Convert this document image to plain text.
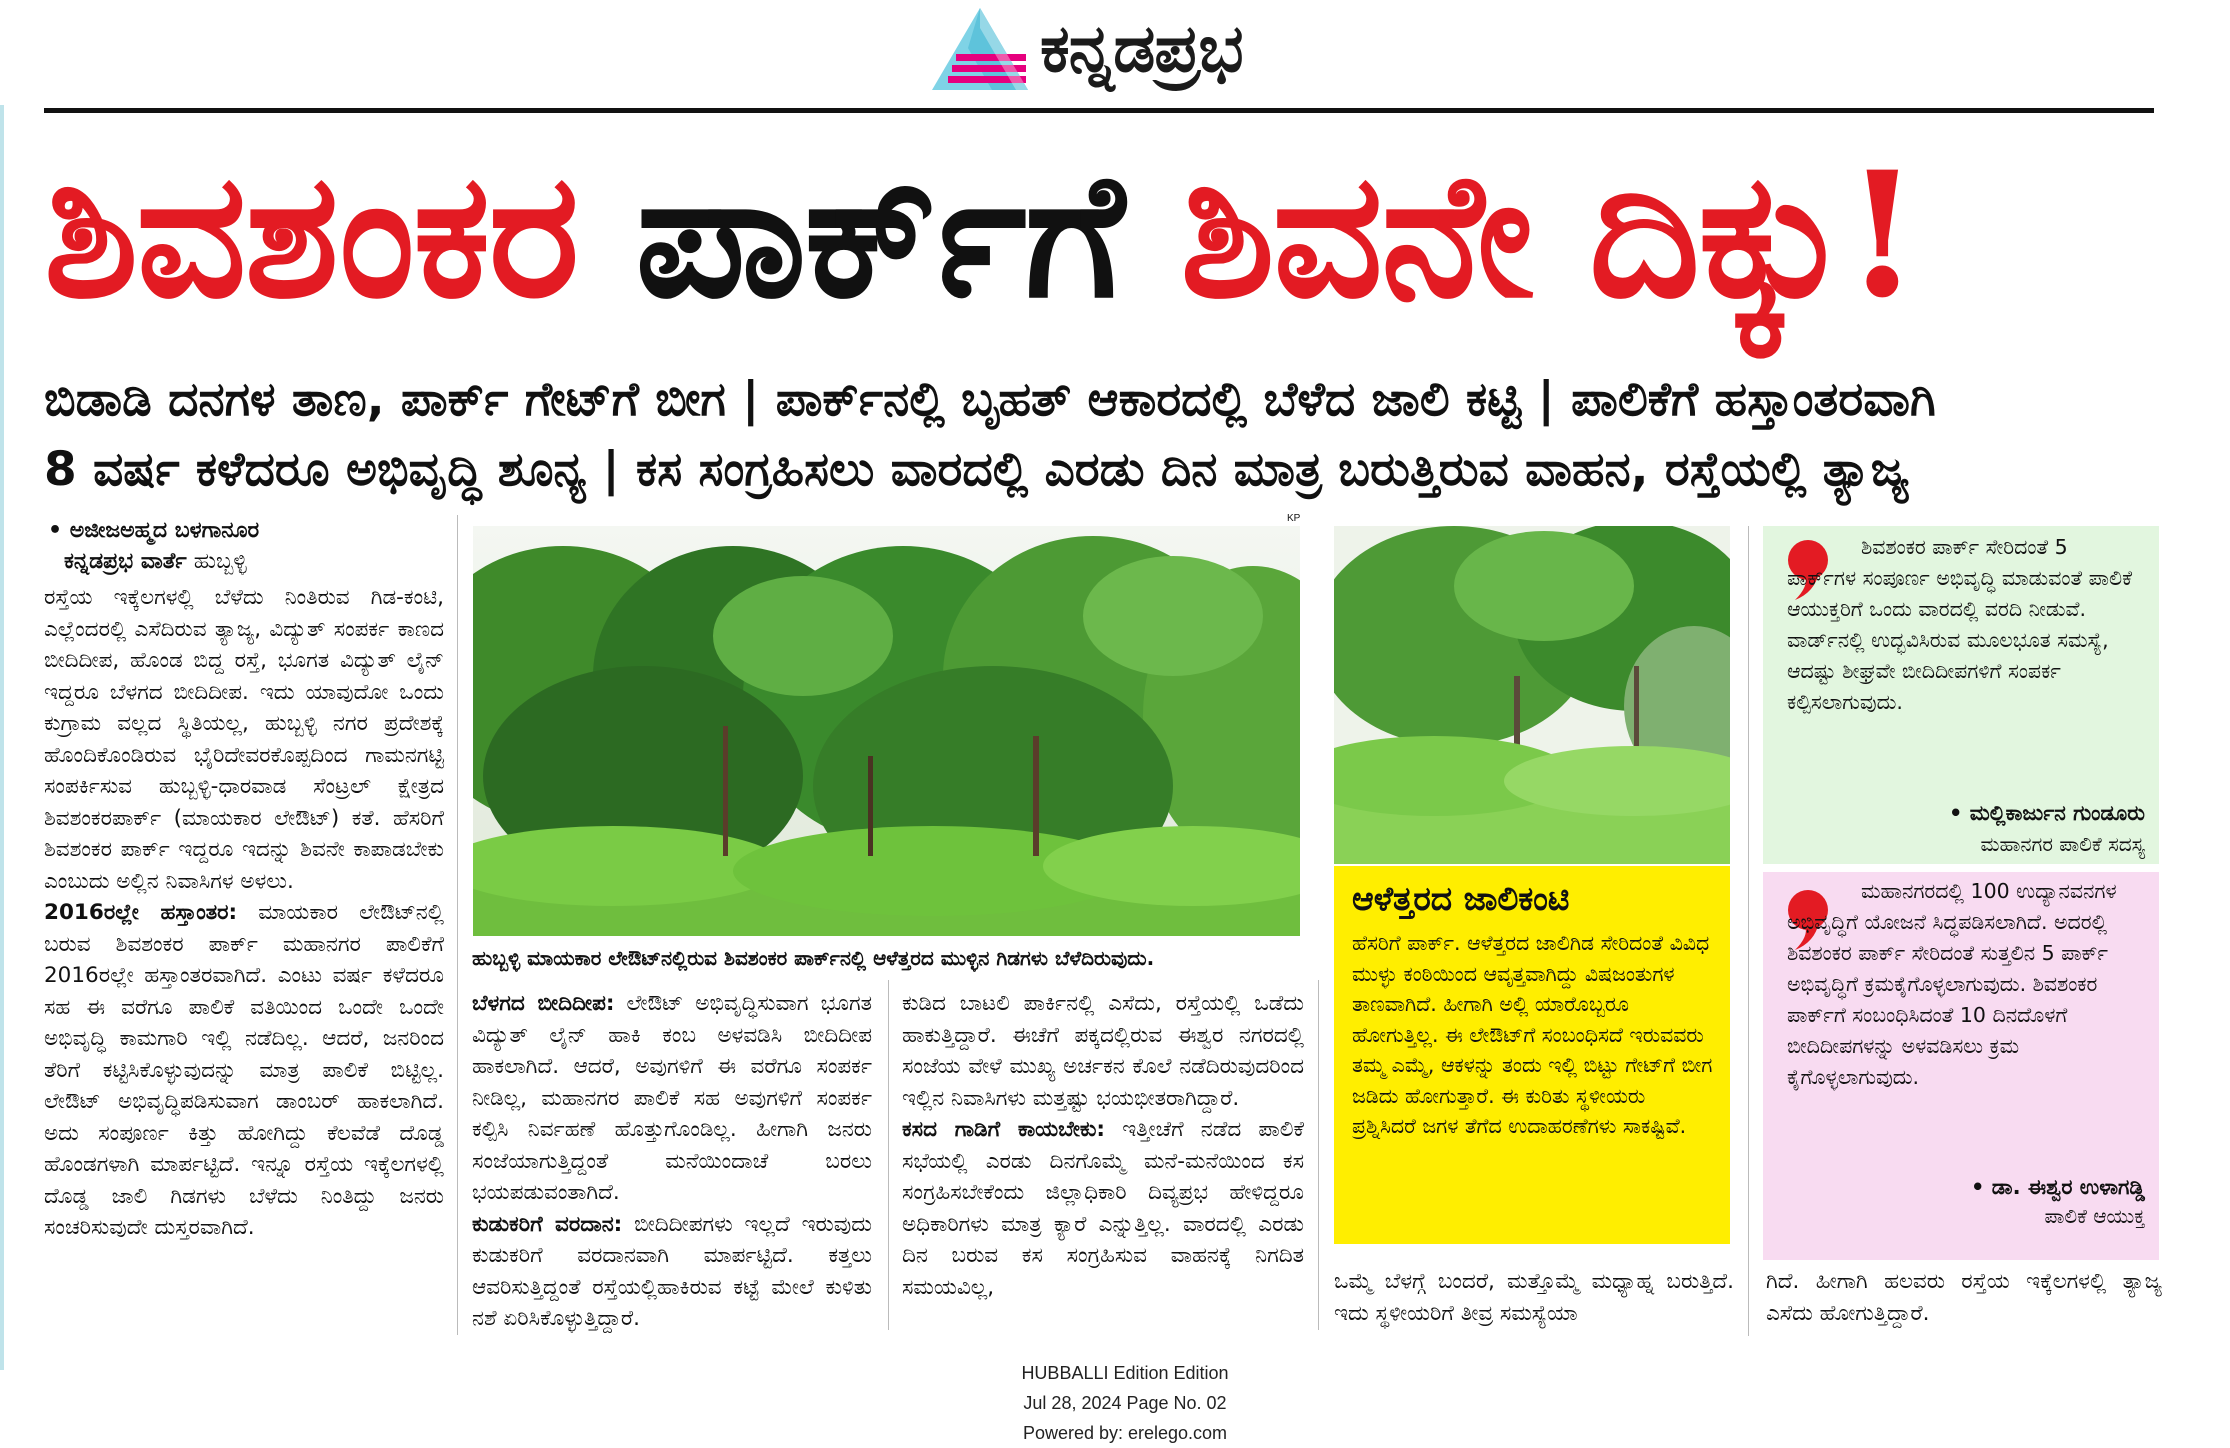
ಕನ್ನಡಪ್ರಭ
ಶಿವಶಂಕರ ಪಾರ್ಕ್‌ಗೆ ಶಿವನೇ ದಿಕ್ಕು!
ಬಿಡಾಡಿ ದನಗಳ ತಾಣ, ಪಾರ್ಕ್ ಗೇಟ್‌ಗೆ ಬೀಗ | ಪಾರ್ಕ್‌ನಲ್ಲಿ ಬೃಹತ್ ಆಕಾರದಲ್ಲಿ ಬೆಳೆದ ಜಾಲಿ ಕಟ್ಟಿ | ಪಾಲಿಕೆಗೆ ಹಸ್ತಾಂತರವಾಗಿ
8 ವರ್ಷ ಕಳೆದರೂ ಅಭಿವೃದ್ಧಿ ಶೂನ್ಯ | ಕಸ ಸಂಗ್ರಹಿಸಲು ವಾರದಲ್ಲಿ ಎರಡು ದಿನ ಮಾತ್ರ ಬರುತ್ತಿರುವ ವಾಹನ, ರಸ್ತೆಯಲ್ಲಿ ತ್ಯಾಜ್ಯ
• ಅಜೀಜಅಹ್ಮದ ಬಳಗಾನೂರ
ಕನ್ನಡಪ್ರಭ ವಾರ್ತೆ ಹುಬ್ಬಳ್ಳಿ

ರಸ್ತೆಯ ಇಕ್ಕೆಲಗಳಲ್ಲಿ ಬೆಳೆದು ನಿಂತಿರುವ ಗಿಡ-ಕಂಟಿ, ಎಲ್ಲೆಂದರಲ್ಲಿ ಎಸೆದಿರುವ ತ್ಯಾಜ್ಯ, ವಿದ್ಯುತ್ ಸಂಪರ್ಕ ಕಾಣದ ಬೀದಿದೀಪ, ಹೊಂಡ ಬಿದ್ದ ರಸ್ತೆ, ಭೂಗತ ವಿದ್ಯುತ್ ಲೈನ್ ಇದ್ದರೂ ಬೆಳಗದ ಬೀದಿದೀಪ. ಇದು ಯಾವುದೋ ಒಂದು ಕುಗ್ರಾಮ ವಲ್ಲದ ಸ್ಥಿತಿಯಲ್ಲ, ಹುಬ್ಬಳ್ಳಿ ನಗರ ಪ್ರದೇಶಕ್ಕೆ ಹೊಂದಿಕೊಂಡಿರುವ ಭೈರಿದೇವರಕೊಪ್ಪದಿಂದ ಗಾಮನಗಟ್ಟಿ ಸಂಪರ್ಕಿಸುವ ಹುಬ್ಬಳ್ಳಿ-ಧಾರವಾಡ ಸೆಂಟ್ರಲ್ ಕ್ಷೇತ್ರದ ಶಿವಶಂಕರಪಾರ್ಕ್ (ಮಾಯಕಾರ ಲೇಔಟ್) ಕತೆ. ಹೆಸರಿಗೆ ಶಿವಶಂಕರ ಪಾರ್ಕ್ ಇದ್ದರೂ ಇದನ್ನು ಶಿವನೇ ಕಾಪಾಡಬೇಕು ಎಂಬುದು ಅಲ್ಲಿನ ನಿವಾಸಿಗಳ ಅಳಲು.

2016ರಲ್ಲೇ ಹಸ್ತಾಂತರ: ಮಾಯಕಾರ ಲೇಔಟ್‌ನಲ್ಲಿ ಬರುವ ಶಿವಶಂಕರ ಪಾರ್ಕ್ ಮಹಾನಗರ ಪಾಲಿಕೆಗೆ 2016ರಲ್ಲೇ ಹಸ್ತಾಂತರವಾಗಿದೆ. ಎಂಟು ವರ್ಷ ಕಳೆದರೂ ಸಹ ಈ ವರೆಗೂ ಪಾಲಿಕೆ ವತಿಯಿಂದ ಒಂದೇ ಒಂದೇ ಅಭಿವೃದ್ಧಿ ಕಾಮಗಾರಿ ಇಲ್ಲಿ ನಡೆದಿಲ್ಲ. ಆದರೆ, ಜನರಿಂದ ತೆರಿಗೆ ಕಟ್ಟಿಸಿಕೊಳ್ಳುವುದನ್ನು ಮಾತ್ರ ಪಾಲಿಕೆ ಬಿಟ್ಟಿಲ್ಲ. ಲೇಔಟ್ ಅಭಿವೃದ್ಧಿಪಡಿಸುವಾಗ ಡಾಂಬರ್ ಹಾಕಲಾಗಿದೆ. ಅದು ಸಂಪೂರ್ಣ ಕಿತ್ತು ಹೋಗಿದ್ದು ಕೆಲವೆಡೆ ದೊಡ್ಡ ಹೊಂಡಗಳಾಗಿ ಮಾರ್ಪಟ್ಟಿದೆ. ಇನ್ನೂ ರಸ್ತೆಯ ಇಕ್ಕೆಲಗಳಲ್ಲಿ ದೊಡ್ಡ ಜಾಲಿ ಗಿಡಗಳು ಬೆಳೆದು ನಿಂತಿದ್ದು ಜನರು ಸಂಚರಿಸುವುದೇ ದುಸ್ತರವಾಗಿದೆ.

KP
ಹುಬ್ಬಳ್ಳಿ ಮಾಯಕಾರ ಲೇಔಟ್‌ನಲ್ಲಿರುವ ಶಿವಶಂಕರ ಪಾರ್ಕ್‌ನಲ್ಲಿ ಆಳೆತ್ತರದ ಮುಳ್ಳಿನ ಗಿಡಗಳು ಬೆಳೆದಿರುವುದು.

ಬೆಳಗದ ಬೀದಿದೀಪ: ಲೇಔಟ್ ಅಭಿವೃದ್ಧಿಸುವಾಗ ಭೂಗತ ವಿದ್ಯುತ್ ಲೈನ್ ಹಾಕಿ ಕಂಬ ಅಳವಡಿಸಿ ಬೀದಿದೀಪ ಹಾಕಲಾಗಿದೆ. ಆದರೆ, ಅವುಗಳಿಗೆ ಈ ವರೆಗೂ ಸಂಪರ್ಕ ನೀಡಿಲ್ಲ, ಮಹಾನಗರ ಪಾಲಿಕೆ ಸಹ ಅವುಗಳಿಗೆ ಸಂಪರ್ಕ ಕಲ್ಪಿಸಿ ನಿರ್ವಹಣೆ ಹೊತ್ತುಗೊಂಡಿಲ್ಲ. ಹೀಗಾಗಿ ಜನರು ಸಂಜೆಯಾಗುತ್ತಿದ್ದಂತೆ ಮನೆಯಿಂದಾಚೆ ಬರಲು ಭಯಪಡುವಂತಾಗಿದೆ.

ಕುಡುಕರಿಗೆ ವರದಾನ: ಬೀದಿದೀಪಗಳು ಇಲ್ಲದೆ ಇರುವುದು ಕುಡುಕರಿಗೆ ವರದಾನವಾಗಿ ಮಾರ್ಪಟ್ಟಿದೆ. ಕತ್ತಲು ಆವರಿಸುತ್ತಿದ್ದಂತೆ ರಸ್ತೆಯಲ್ಲಿಹಾಕಿರುವ ಕಟ್ಟೆ ಮೇಲೆ ಕುಳಿತು ನಶೆ ಏರಿಸಿಕೊಳ್ಳುತ್ತಿದ್ದಾರೆ.

ಕುಡಿದ ಬಾಟಲಿ ಪಾರ್ಕಿನಲ್ಲಿ ಎಸೆದು, ರಸ್ತೆಯಲ್ಲಿ ಒಡೆದು ಹಾಕುತ್ತಿದ್ದಾರೆ. ಈಚೆಗೆ ಪಕ್ಕದಲ್ಲಿರುವ ಈಶ್ವರ ನಗರದಲ್ಲಿ ಸಂಜೆಯ ವೇಳೆ ಮುಖ್ಯ ಅರ್ಚಕನ ಕೊಲೆ ನಡೆದಿರುವುದರಿಂದ ಇಲ್ಲಿನ ನಿವಾಸಿಗಳು ಮತ್ತಷ್ಟು ಭಯಭೀತರಾಗಿದ್ದಾರೆ.

ಕಸದ ಗಾಡಿಗೆ ಕಾಯಬೇಕು: ಇತ್ತೀಚೆಗೆ ನಡೆದ ಪಾಲಿಕೆ ಸಭೆಯಲ್ಲಿ ಎರಡು ದಿನಗೊಮ್ಮೆ ಮನೆ-ಮನೆಯಿಂದ ಕಸ ಸಂಗ್ರಹಿಸಬೇಕೆಂದು ಜಿಲ್ಲಾಧಿಕಾರಿ ದಿವ್ಯಪ್ರಭ ಹೇಳಿದ್ದರೂ ಅಧಿಕಾರಿಗಳು ಮಾತ್ರ ಕ್ಯಾರೆ ಎನ್ನುತ್ತಿಲ್ಲ. ವಾರದಲ್ಲಿ ಎರಡು ದಿನ ಬರುವ ಕಸ ಸಂಗ್ರಹಿಸುವ ವಾಹನಕ್ಕೆ ನಿಗದಿತ ಸಮಯವಿಲ್ಲ,

ಆಳೆತ್ತರದ ಜಾಲಿಕಂಟಿ
ಹೆಸರಿಗೆ ಪಾರ್ಕ್. ಆಳೆತ್ತರದ ಜಾಲಿಗಿಡ ಸೇರಿದಂತೆ ವಿವಿಧ ಮುಳ್ಳು ಕಂಠಿಯಿಂದ ಆವೃತ್ತವಾಗಿದ್ದು ವಿಷಜಂತುಗಳ ತಾಣವಾಗಿದೆ. ಹೀಗಾಗಿ ಅಲ್ಲಿ ಯಾರೊಬ್ಬರೂ ಹೋಗುತ್ತಿಲ್ಲ. ಈ ಲೇಔಟ್‌ಗೆ ಸಂಬಂಧಿಸದೆ ಇರುವವರು ತಮ್ಮ ಎಮ್ಮೆ, ಆಕಳನ್ನು ತಂದು ಇಲ್ಲಿ ಬಿಟ್ಟು ಗೇಟ್‌ಗೆ ಬೀಗ ಜಡಿದು ಹೋಗುತ್ತಾರೆ. ಈ ಕುರಿತು ಸ್ಥಳೀಯರು ಪ್ರಶ್ನಿಸಿದರೆ ಜಗಳ ತೆಗೆದ ಉದಾಹರಣೆಗಳು ಸಾಕಷ್ಟಿವೆ.

ಒಮ್ಮೆ ಬೆಳಗ್ಗೆ ಬಂದರೆ, ಮತ್ತೊಮ್ಮೆ ಮಧ್ಯಾಹ್ನ ಬರುತ್ತಿದೆ. ಇದು ಸ್ಥಳೀಯರಿಗೆ ತೀವ್ರ ಸಮಸ್ಯೆಯಾ

ಶಿವಶಂಕರ ಪಾರ್ಕ್ ಸೇರಿದಂತೆ 5 ಪಾರ್ಕ್‌ಗಳ ಸಂಪೂರ್ಣ ಅಭಿವೃದ್ಧಿ ಮಾಡುವಂತೆ ಪಾಲಿಕೆ ಆಯುಕ್ತರಿಗೆ ಒಂದು ವಾರದಲ್ಲಿ ವರದಿ ನೀಡುವೆ. ವಾರ್ಡ್‌ನಲ್ಲಿ ಉದ್ಭವಿಸಿರುವ ಮೂಲಭೂತ ಸಮಸ್ಯೆ, ಆದಷ್ಟು ಶೀಘ್ರವೇ ಬೀದಿದೀಪಗಳಿಗೆ ಸಂಪರ್ಕ ಕಲ್ಪಿಸಲಾಗುವುದು.
• ಮಲ್ಲಿಕಾರ್ಜುನ ಗುಂಡೂರು
ಮಹಾನಗರ ಪಾಲಿಕೆ ಸದಸ್ಯ
ಮಹಾನಗರದಲ್ಲಿ 100 ಉದ್ಯಾನವನಗಳ ಅಭಿವೃದ್ಧಿಗೆ ಯೋಜನೆ ಸಿದ್ಧಪಡಿಸಲಾಗಿದೆ. ಅದರಲ್ಲಿ ಶಿವಶಂಕರ ಪಾರ್ಕ್ ಸೇರಿದಂತೆ ಸುತ್ತಲಿನ 5 ಪಾರ್ಕ್ ಅಭಿವೃದ್ಧಿಗೆ ಕ್ರಮಕೈಗೊಳ್ಳಲಾಗುವುದು. ಶಿವಶಂಕರ ಪಾರ್ಕ್‌ಗೆ ಸಂಬಂಧಿಸಿದಂತೆ 10 ದಿನದೊಳಗೆ ಬೀದಿದೀಪಗಳನ್ನು ಅಳವಡಿಸಲು ಕ್ರಮ ಕೈಗೊಳ್ಳಲಾಗುವುದು.
• ಡಾ. ಈಶ್ವರ ಉಳಾಗಡ್ಡಿ
ಪಾಲಿಕೆ ಆಯುಕ್ತ

ಗಿದೆ. ಹೀಗಾಗಿ ಹಲವರು ರಸ್ತೆಯ ಇಕ್ಕೆಲಗಳಲ್ಲಿ ತ್ಯಾಜ್ಯ ಎಸೆದು ಹೋಗುತ್ತಿದ್ದಾರೆ.

HUBBALLI Edition Edition
Jul 28, 2024 Page No. 02
Powered by: erelego.com
